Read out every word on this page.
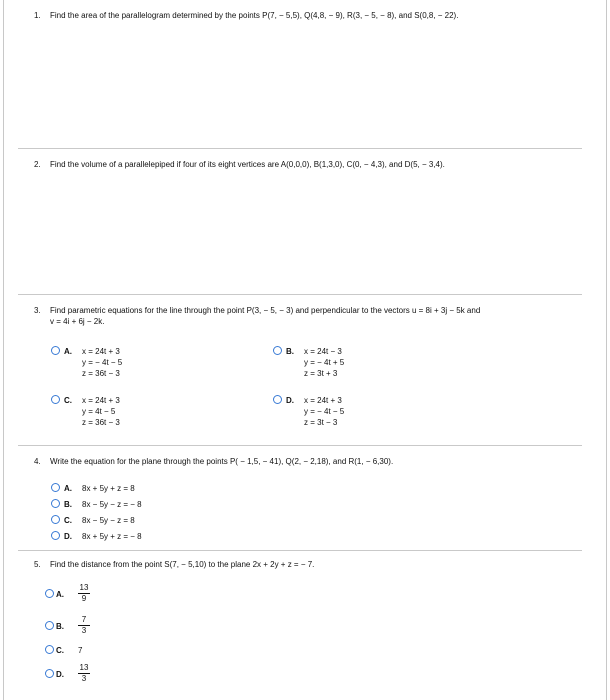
1. Find the area of the parallelogram determined by the points P(7, − 5,5), Q(4,8, − 9), R(3, − 5, − 8), and S(0,8, − 22).
2. Find the volume of a parallelepiped if four of its eight vertices are A(0,0,0), B(1,3,0), C(0, − 4,3), and D(5, − 3,4).
3. Find parametric equations for the line through the point P(3, − 5, − 3) and perpendicular to the vectors u = 8i + 3j − 5k and
v = 4i + 6j − 2k.
A. x = 24t + 3
y = − 4t − 5
z = 36t − 3
B. x = 24t − 3
y = − 4t + 5
z = 3t + 3
C. x = 24t + 3
y = 4t − 5
z = 36t − 3
D. x = 24t + 3
y = − 4t − 5
z = 3t − 3
4. Write the equation for the plane through the points P( − 1,5, − 41), Q(2, − 2,18), and R(1, − 6,30).
A. 8x + 5y + z = 8
B. 8x − 5y − z = − 8
C. 8x − 5y − z = 8
D. 8x + 5y + z = − 8
5. Find the distance from the point S(7, − 5,10) to the plane 2x + 2y + z = − 7.
A.
13
9
B.
7
3
C. 7
D.
13
3
